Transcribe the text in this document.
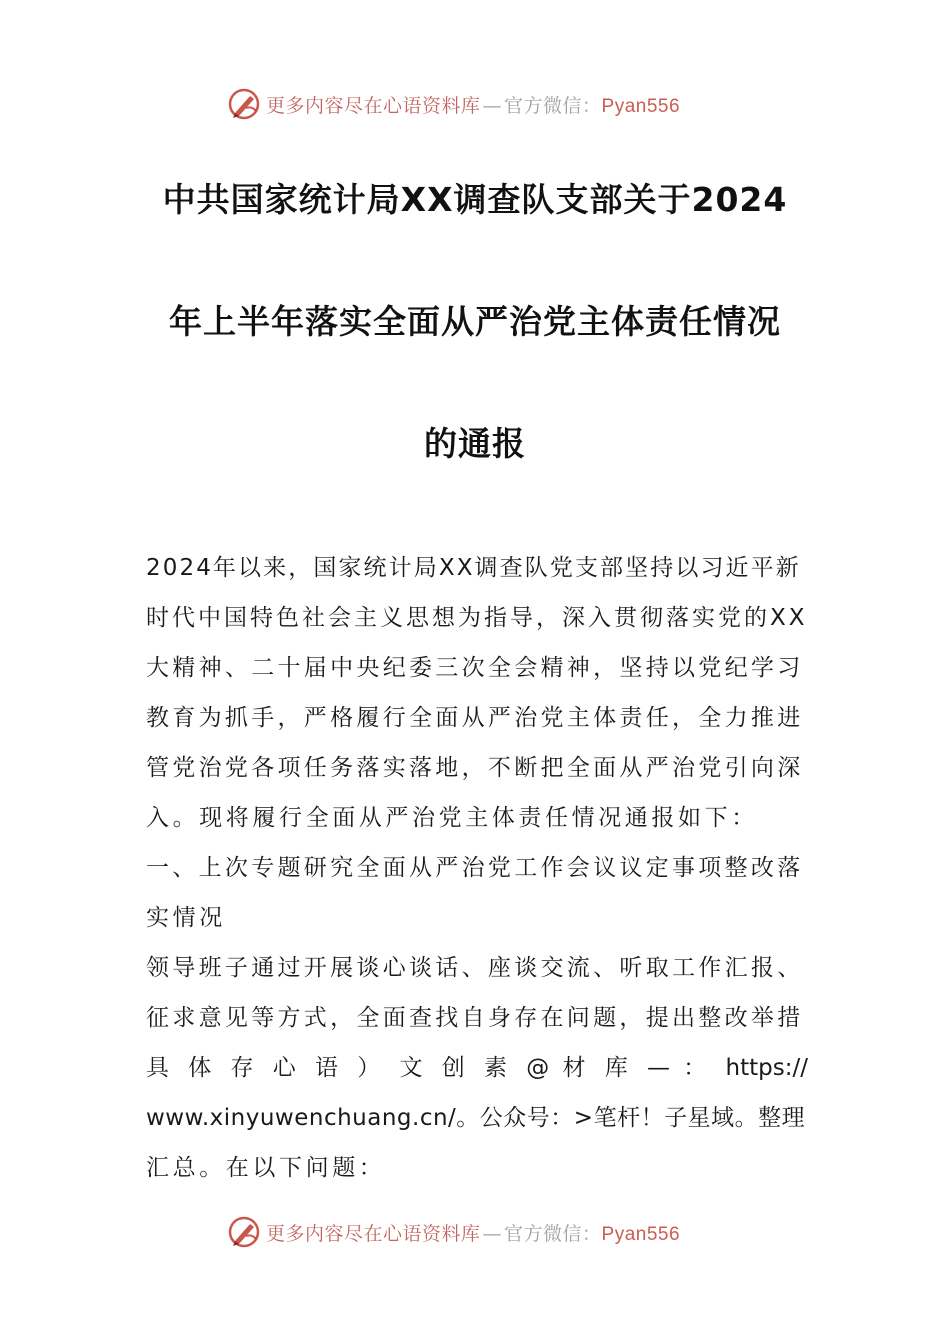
更多内容尽在心语资料库 — 官方微信：Pyan556
中共国家统计局XX调查队支部关于2024
年上半年落实全面从严治党主体责任情况
的通报
2024年以来，国家统计局XX调查队党支部坚持以习近平新
时代中国特色社会主义思想为指导，深入贯彻落实党的XX
大精神、二十届中央纪委三次全会精神，坚持以党纪学习
教育为抓手，严格履行全面从严治党主体责任，全力推进
管党治党各项任务落实落地，不断把全面从严治党引向深
入。现将履行全面从严治党主体责任情况通报如下：
一、上次专题研究全面从严治党工作会议议定事项整改落
实情况
领导班子通过开展谈心谈话、座谈交流、听取工作汇报、
征求意见等方式，全面查找自身存在问题，提出整改举措
具 体 存 心 语 ） 文 创 素 @ 材 库 — ： https://
www.xinyuwenchuang.cn/。公众号：>笔杆！子星域。整理
汇总。在以下问题：
更多内容尽在心语资料库 — 官方微信：Pyan556
